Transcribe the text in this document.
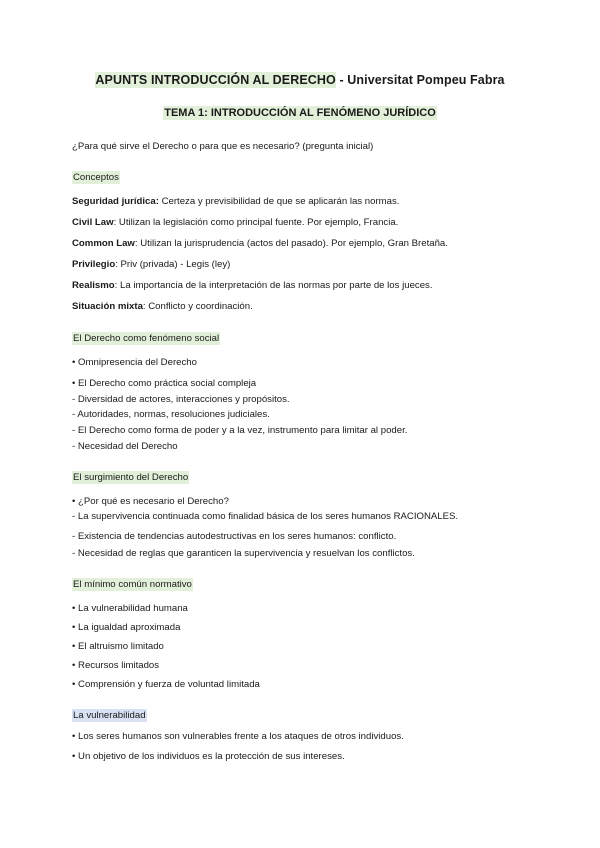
APUNTS INTRODUCCIÓN AL DERECHO - Universitat Pompeu Fabra
TEMA 1: INTRODUCCIÓN AL FENÓMENO JURÍDICO
¿Para qué sirve el Derecho o para que es necesario? (pregunta inicial)
Conceptos
Seguridad jurídica: Certeza y previsibilidad de que se aplicarán las normas.
Civil Law: Utilizan la legislación como principal fuente. Por ejemplo, Francia.
Common Law: Utilizan la jurisprudencia (actos del pasado). Por ejemplo, Gran Bretaña.
Privilegio: Priv (privada) - Legis (ley)
Realismo: La importancia de la interpretación de las normas por parte de los jueces.
Situación mixta: Conflicto y coordinación.
El Derecho como fenómeno social
• Omnipresencia del Derecho
• El Derecho como práctica social compleja
- Diversidad de actores, interacciones y propósitos.
- Autoridades, normas, resoluciones judiciales.
- El Derecho como forma de poder y a la vez, instrumento para limitar al poder.
- Necesidad del Derecho
El surgimiento del Derecho
• ¿Por qué es necesario el Derecho?
- La supervivencia continuada como finalidad básica de los seres humanos RACIONALES.
- Existencia de tendencias autodestructivas en los seres humanos: conflicto.
- Necesidad de reglas que garanticen la supervivencia y resuelvan los conflictos.
El mínimo común normativo
• La vulnerabilidad humana
• La igualdad aproximada
• El altruismo limitado
• Recursos limitados
• Comprensión y fuerza de voluntad limitada
La vulnerabilidad
• Los seres humanos son vulnerables frente a los ataques de otros individuos.
• Un objetivo de los individuos es la protección de sus intereses.
